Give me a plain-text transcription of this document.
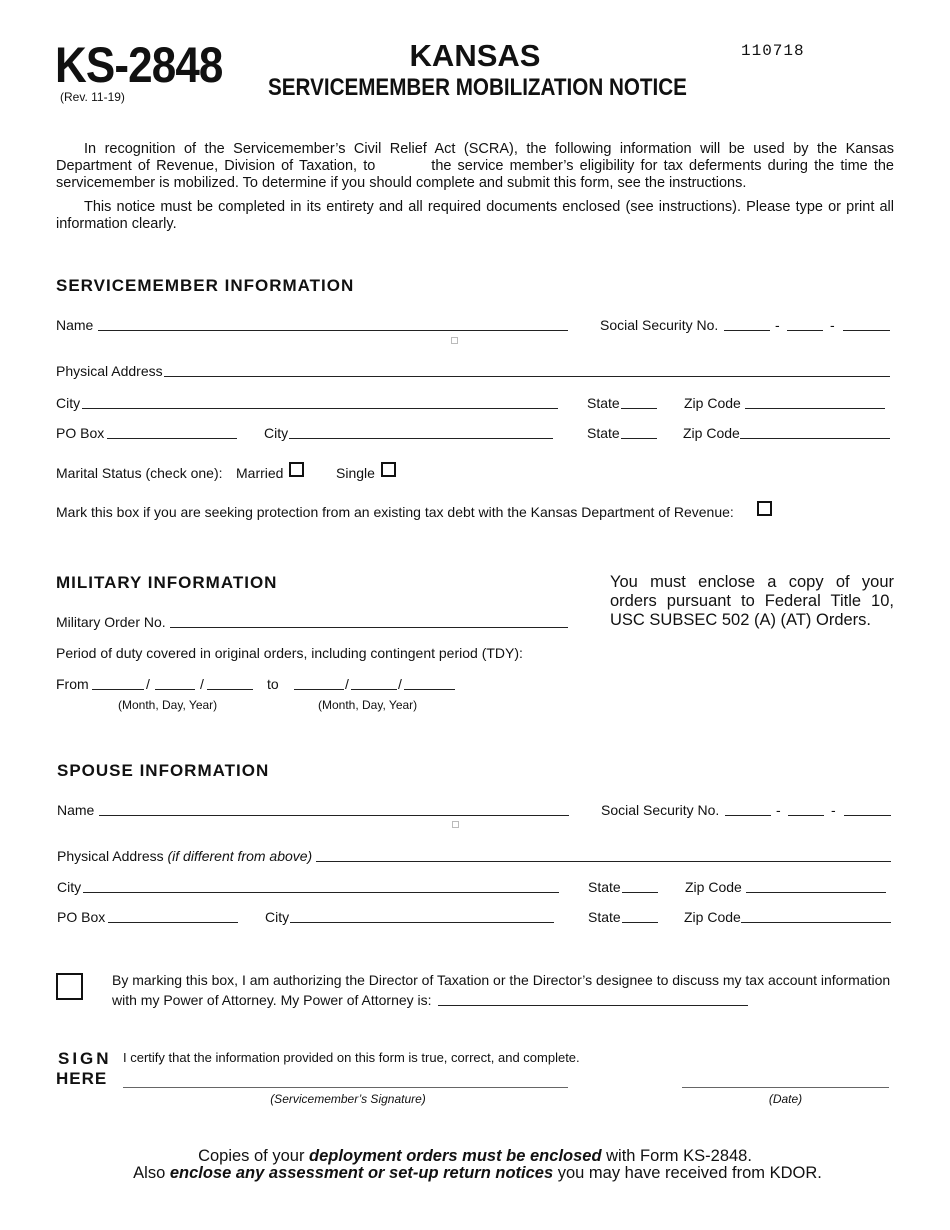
KS-2848
(Rev. 11-19)
KANSAS
SERVICEMEMBER MOBILIZATION NOTICE
110718
In recognition of the Servicemember’s Civil Relief Act (SCRA), the following information will be used by the Kansas Department of Revenue, Division of Taxation, to	the service member’s eligibility for tax deferments during the time the servicemember is mobilized. To determine if you should complete and submit this form, see the instructions.
This notice must be completed in its entirety and all required documents enclosed (see instructions). Please type or print all information clearly.
SERVICEMEMBER INFORMATION
Name	Social Security No.	-	-
Physical Address
City	State	Zip Code
PO Box	City	State	Zip Code
Marital Status (check one): Married	Single
Mark this box if you are seeking protection from an existing tax debt with the Kansas Department of Revenue:
MILITARY INFORMATION	You must enclose a copy of your orders pursuant to Federal Title 10, USC SUBSEC 502 (A) (AT) Orders.
Military Order No.
Period of duty covered in original orders, including contingent period (TDY):
From	/	/	to	/	/
(Month, Day, Year)	(Month, Day, Year)
SPOUSE INFORMATION
Name	Social Security No.	-	-
Physical Address (if different from above)
City	State	Zip Code
PO Box	City	State	Zip Code
By marking this box, I am authorizing the Director of Taxation or the Director’s designee to discuss my tax account information
with my Power of Attorney. My Power of Attorney is:
SIGN
HERE
I certify that the information provided on this form is true, correct, and complete.
(Servicemember’s Signature)	(Date)
Copies of your deployment orders must be enclosed with Form KS-2848.
Also enclose any assessment or set-up return notices you may have received from KDOR.
